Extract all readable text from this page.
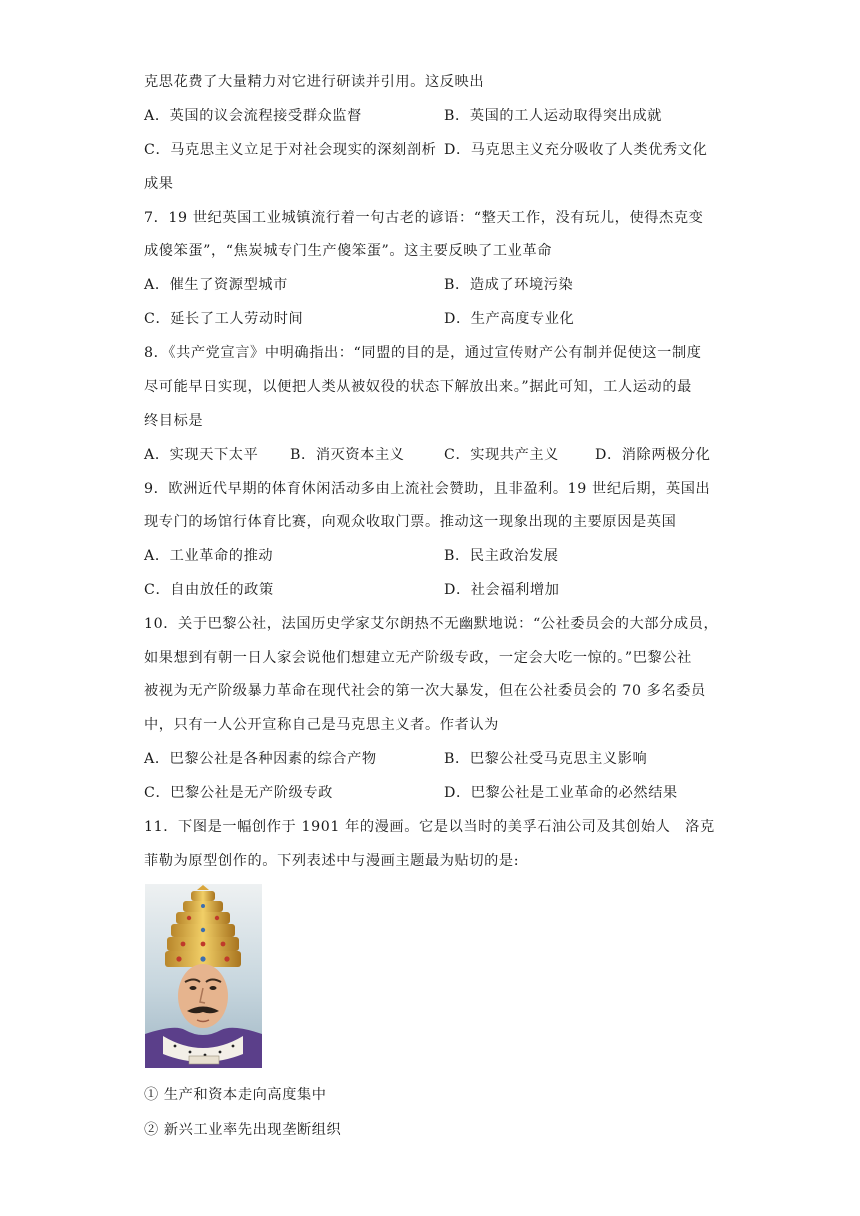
克思花费了大量精力对它进行研读并引用。这反映出
A．英国的议会流程接受群众监督	B．英国的工人运动取得突出成就
C．马克思主义立足于对社会现实的深刻剖析 D．马克思主义充分吸收了人类优秀文化
成果
7．19 世纪英国工业城镇流行着一句古老的谚语：“整天工作，没有玩儿，使得杰克变
成傻笨蛋”，“焦炭城专门生产傻笨蛋”。这主要反映了工业革命
A．催生了资源型城市	B．造成了环境污染
C．延长了工人劳动时间	D．生产高度专业化
8．《共产党宣言》中明确指出：“同盟的目的是，通过宣传财产公有制并促使这一制度
尽可能早日实现，以便把人类从被奴役的状态下解放出来。”据此可知，工人运动的最
终目标是
A．实现天下太平 B．消灭资本主义	C．实现共产主义	D．消除两极分化
9．欧洲近代早期的体育休闲活动多由上流社会赞助，且非盈利。19 世纪后期，英国出
现专门的场馆行体育比赛，向观众收取门票。推动这一现象出现的主要原因是英国
A．工业革命的推动	B．民主政治发展
C．自由放任的政策	D．社会福利增加
10．关于巴黎公社，法国历史学家艾尔朗热不无幽默地说：“公社委员会的大部分成员，
如果想到有朝一日人家会说他们想建立无产阶级专政，一定会大吃一惊的。”巴黎公社
被视为无产阶级暴力革命在现代社会的第一次大暴发，但在公社委员会的 70 多名委员
中，只有一人公开宣称自己是马克思主义者。作者认为
A．巴黎公社是各种因素的综合产物	B．巴黎公社受马克思主义影响
C．巴黎公社是无产阶级专政	D．巴黎公社是工业革命的必然结果
11．下图是一幅创作于 1901 年的漫画。它是以当时的美孚石油公司及其创始人　洛克
菲勒为原型创作的。下列表述中与漫画主题最为贴切的是:
① 生产和资本走向高度集中
② 新兴工业率先出现垄断组织
